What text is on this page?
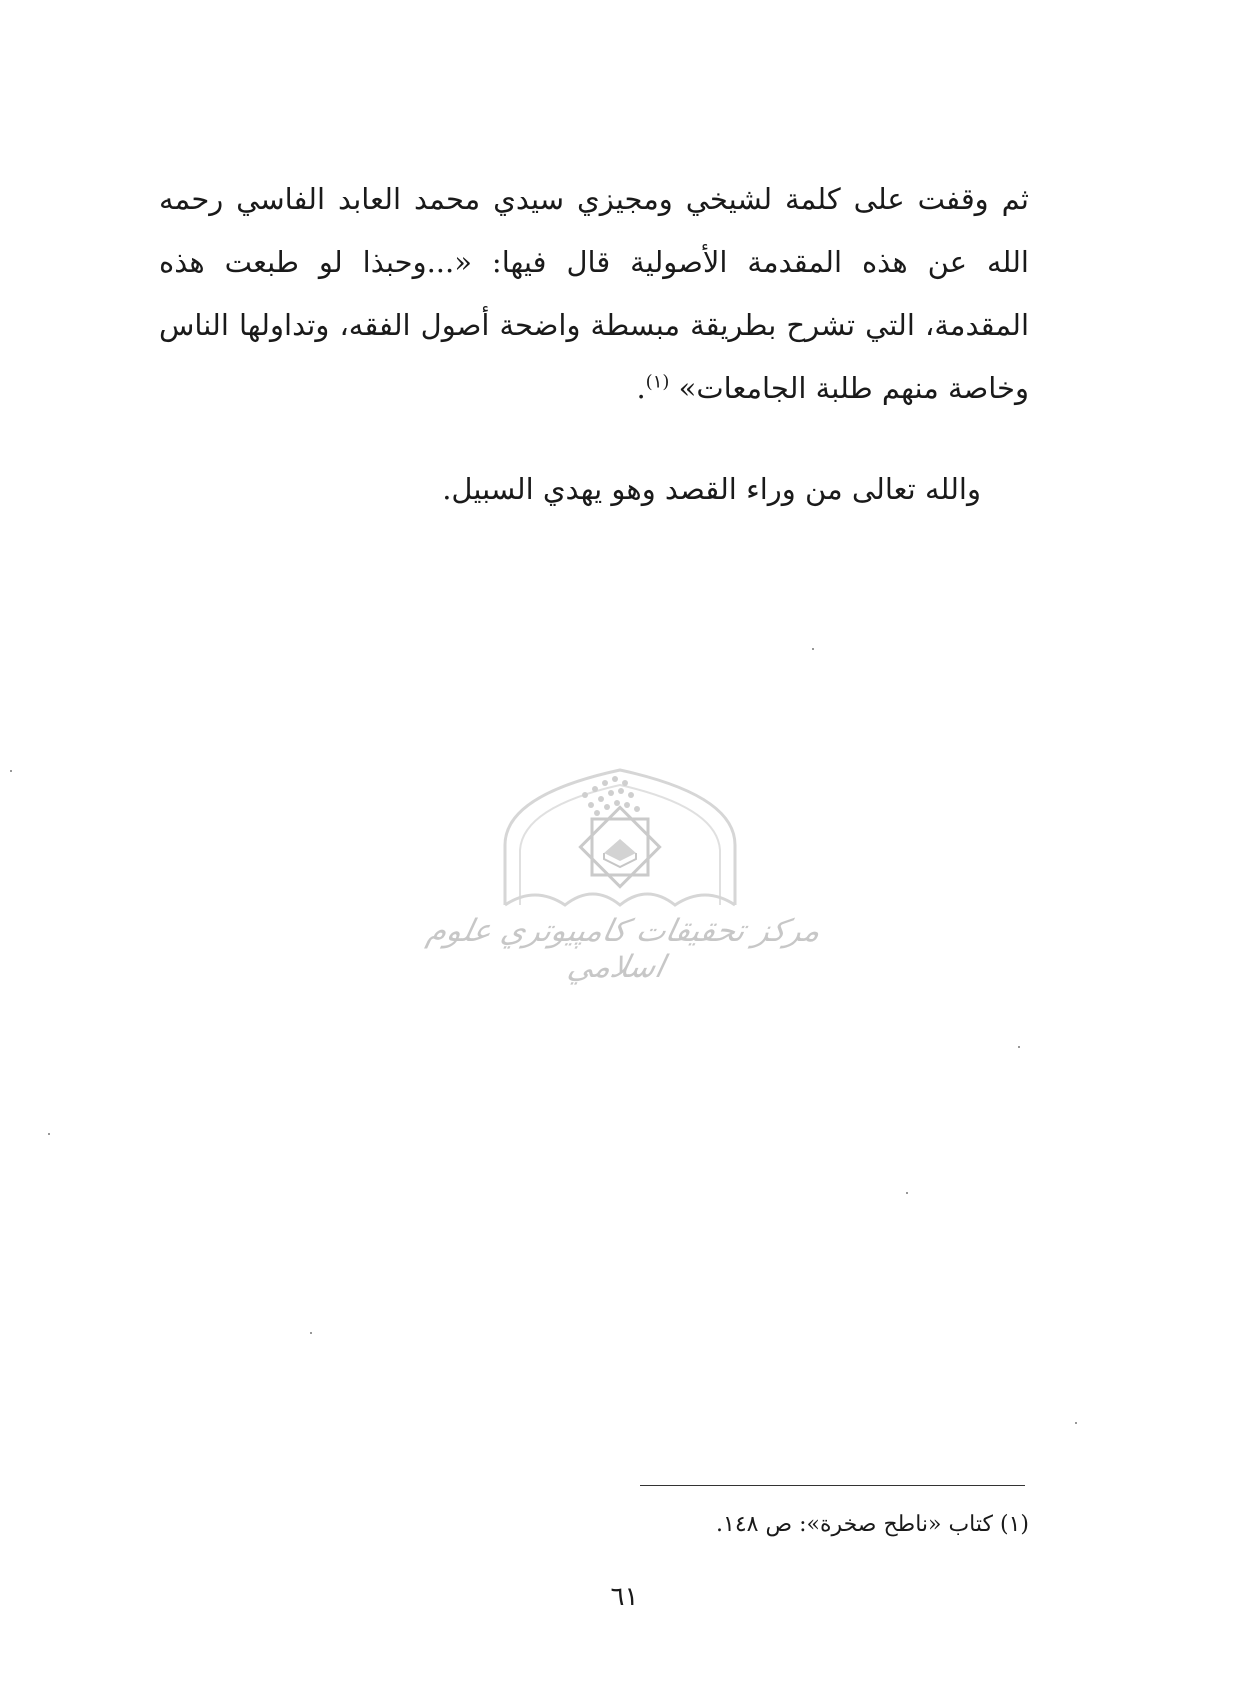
ثم وقفت على كلمة لشيخي ومجيزي سيدي محمد العابد الفاسي رحمه الله عن هذه المقدمة الأصولية قال فيها: «...وحبذا لو طبعت هذه المقدمة، التي تشرح بطريقة مبسطة واضحة أصول الفقه، وتداولها الناس وخاصة منهم طلبة الجامعات» $^{(١)}$.

والله تعالى من وراء القصد وهو يهدي السبيل.

مركز تحقيقات كامپيوتري علوم اسلامي
(١) كتاب «ناطح صخرة»: ص ١٤٨.
٦١
